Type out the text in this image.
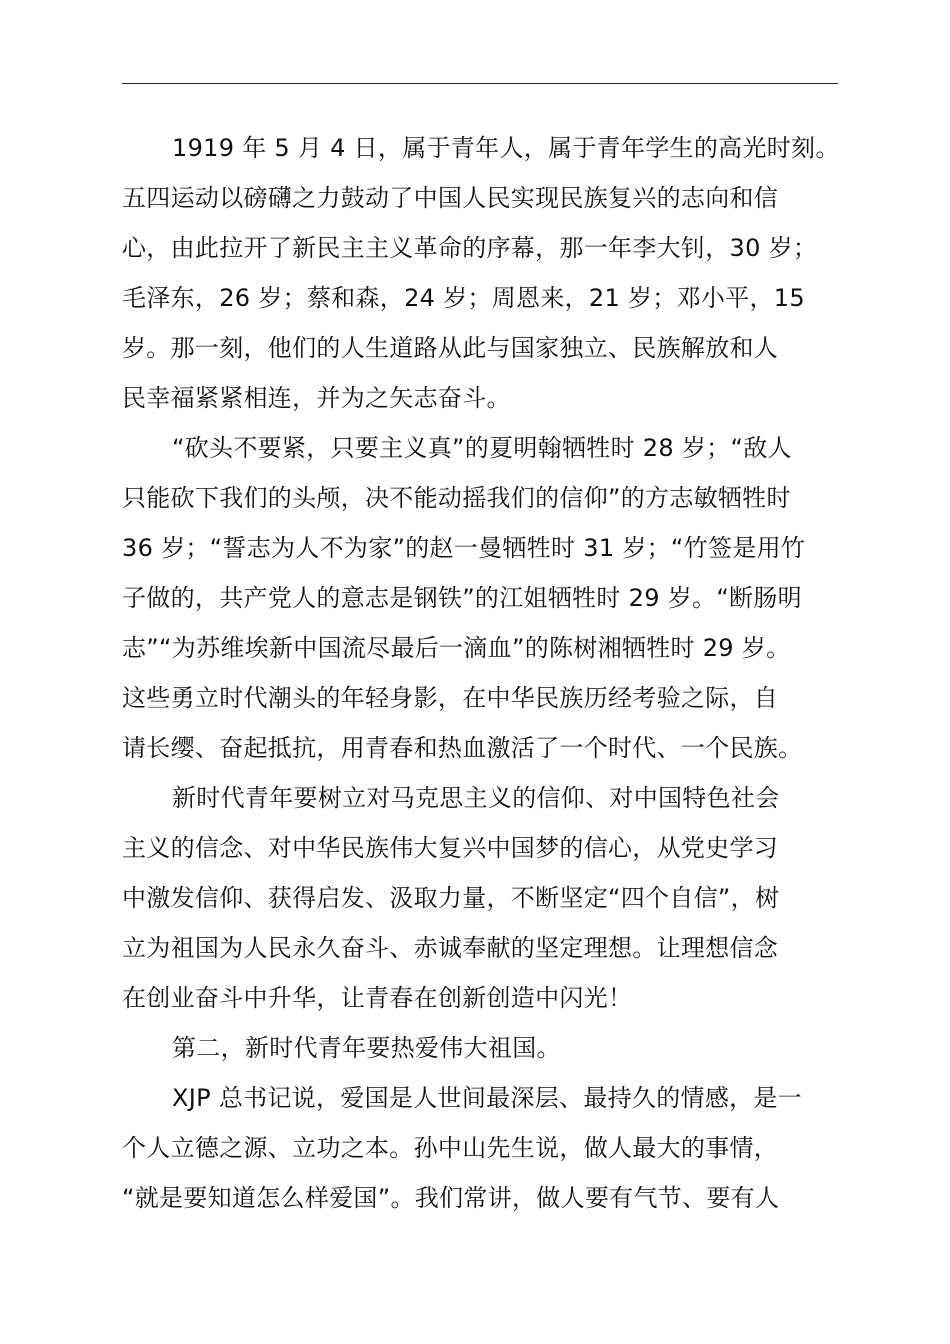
1919 年 5 月 4 日，属于青年人，属于青年学生的高光时刻。
五四运动以磅礴之力鼓动了中国人民实现民族复兴的志向和信
心，由此拉开了新民主主义革命的序幕，那一年李大钊，30 岁；
毛泽东，26 岁；蔡和森，24 岁；周恩来，21 岁；邓小平，15
岁。那一刻，他们的人生道路从此与国家独立、民族解放和人
民幸福紧紧相连，并为之矢志奋斗。
“砍头不要紧，只要主义真”的夏明翰牺牲时 28 岁；“敌人
只能砍下我们的头颅，决不能动摇我们的信仰”的方志敏牺牲时
36 岁；“誓志为人不为家”的赵一曼牺牲时 31 岁；“竹签是用竹
子做的，共产党人的意志是钢铁”的江姐牺牲时 29 岁。“断肠明
志”“为苏维埃新中国流尽最后一滴血”的陈树湘牺牲时 29 岁。
这些勇立时代潮头的年轻身影，在中华民族历经考验之际，自
请长缨、奋起抵抗，用青春和热血激活了一个时代、一个民族。
新时代青年要树立对马克思主义的信仰、对中国特色社会
主义的信念、对中华民族伟大复兴中国梦的信心，从党史学习
中激发信仰、获得启发、汲取力量，不断坚定“四个自信”，树
立为祖国为人民永久奋斗、赤诚奉献的坚定理想。让理想信念
在创业奋斗中升华，让青春在创新创造中闪光！
第二，新时代青年要热爱伟大祖国。
XJP 总书记说，爱国是人世间最深层、最持久的情感，是一
个人立德之源、立功之本。孙中山先生说，做人最大的事情，
“就是要知道怎么样爱国”。我们常讲，做人要有气节、要有人
